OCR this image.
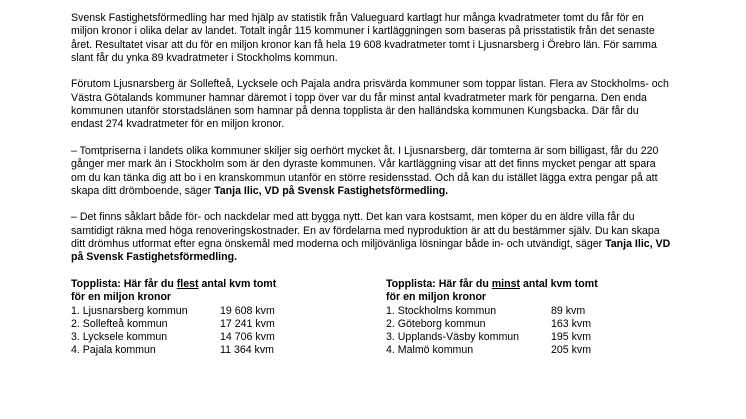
Svensk Fastighetsförmedling har med hjälp av statistik från Valueguard kartlagt hur många kvadratmeter tomt du får för en miljon kronor i olika delar av landet. Totalt ingår 115 kommuner i kartläggningen som baseras på prisstatistik från det senaste året. Resultatet visar att du för en miljon kronor kan få hela 19 608 kvadratmeter tomt i Ljusnarsberg i Örebro län. För samma slant får du ynka 89 kvadratmeter i Stockholms kommun.

Förutom Ljusnarsberg är Sollefteå, Lycksele och Pajala andra prisvärda kommuner som toppar listan. Flera av Stockholms- och Västra Götalands kommuner hamnar däremot i topp över var du får minst antal kvadratmeter mark för pengarna. Den enda kommunen utanför storstadslänen som hamnar på denna topplista är den halländska kommunen Kungsbacka. Där får du endast 274 kvadratmeter för en miljon kronor.

– Tomtpriserna i landets olika kommuner skiljer sig oerhört mycket åt. I Ljusnarsberg, där tomterna är som billigast, får du 220 gånger mer mark än i Stockholm som är den dyraste kommunen. Vår kartläggning visar att det finns mycket pengar att spara om du kan tänka dig att bo i en kranskommun utanför en större residensstad. Och då kan du istället lägga extra pengar på att skapa ditt drömboende, säger Tanja Ilic, VD på Svensk Fastighetsförmedling.

– Det finns såklart både för- och nackdelar med att bygga nytt. Det kan vara kostsamt, men köper du en äldre villa får du samtidigt räkna med höga renoveringskostnader. En av fördelarna med nyproduktion är att du bestämmer själv. Du kan skapa ditt drömhus utformat efter egna önskemål med moderna och miljövänliga lösningar både in- och utvändigt, säger Tanja Ilic, VD på Svensk Fastighetsförmedling.

Topplista: Här får du flest antal kvm tomt
för en miljon kronor
1. Ljusnarsberg kommun	19 608 kvm
2. Sollefteå kommun	17 241 kvm
3. Lycksele kommun	14 706 kvm
4. Pajala kommun	11 364 kvm
Topplista: Här får du minst antal kvm tomt
för en miljon kronor
1. Stockholms kommun	89 kvm
2. Göteborg kommun	163 kvm
3. Upplands-Väsby kommun	195 kvm
4. Malmö kommun	205 kvm
